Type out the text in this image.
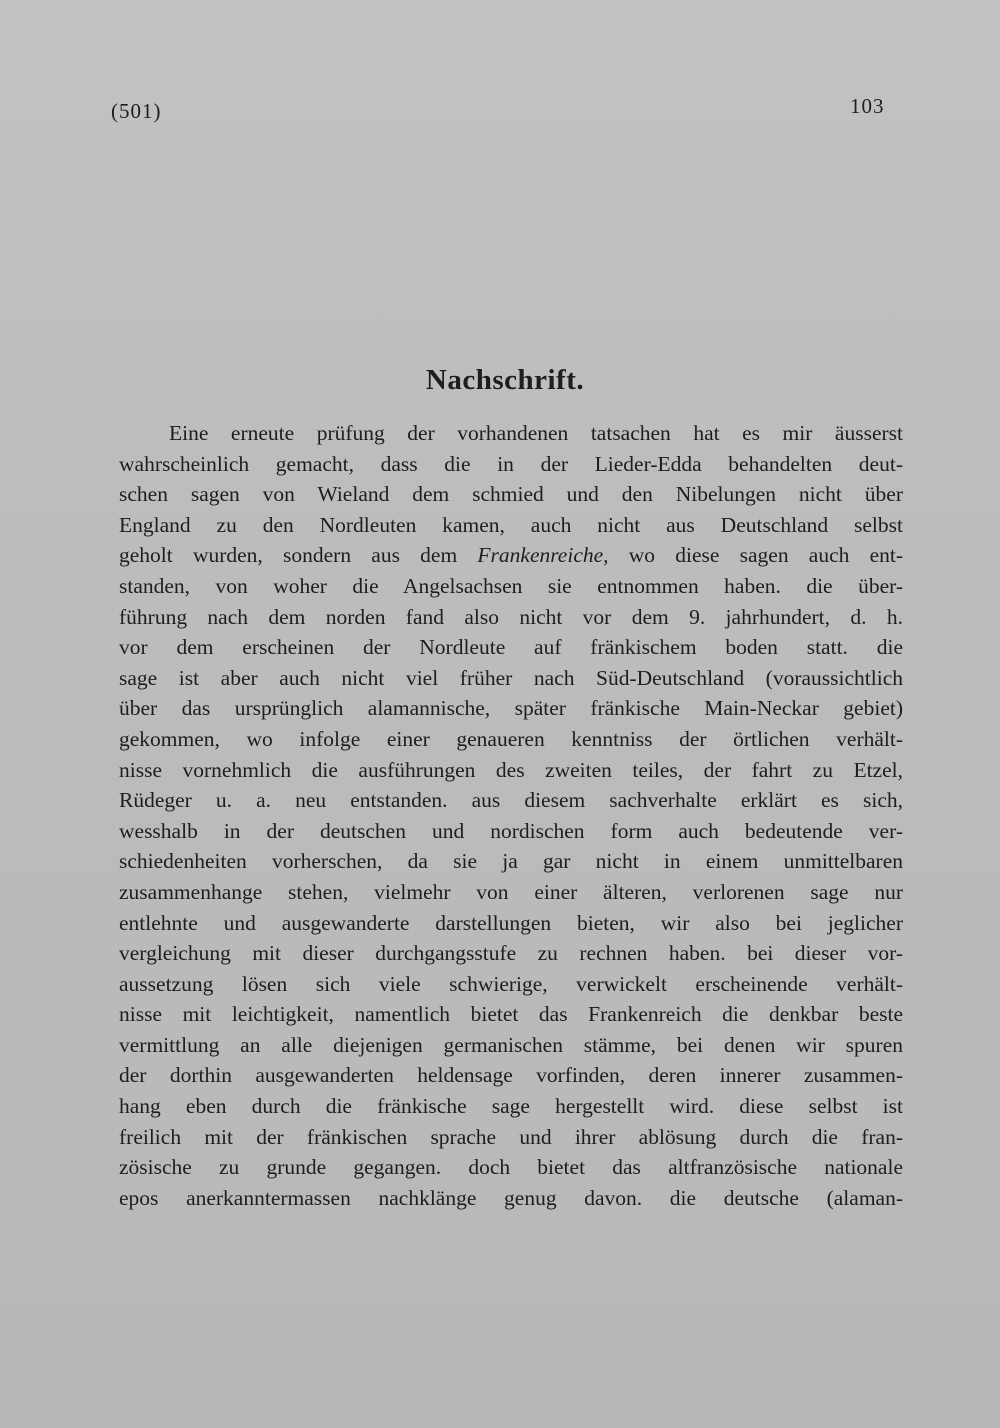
(501)	103
Nachschrift.
Eine erneute prüfung der vorhandenen tatsachen hat es mir äusserst
wahrscheinlich gemacht, dass die in der Lieder-Edda behandelten deut-
schen sagen von Wieland dem schmied und den Nibelungen nicht über
England zu den Nordleuten kamen, auch nicht aus Deutschland selbst
geholt wurden, sondern aus dem Frankenreiche, wo diese sagen auch ent-
standen, von woher die Angelsachsen sie entnommen haben. die über-
führung nach dem norden fand also nicht vor dem 9. jahrhundert, d. h.
vor dem erscheinen der Nordleute auf fränkischem boden statt. die
sage ist aber auch nicht viel früher nach Süd-Deutschland (voraussichtlich
über das ursprünglich alamannische, später fränkische Main-Neckar gebiet)
gekommen, wo infolge einer genaueren kenntniss der örtlichen verhält-
nisse vornehmlich die ausführungen des zweiten teiles, der fahrt zu Etzel,
Rüdeger u. a. neu entstanden. aus diesem sachverhalte erklärt es sich,
wesshalb in der deutschen und nordischen form auch bedeutende ver-
schiedenheiten vorherschen, da sie ja gar nicht in einem unmittelbaren
zusammenhange stehen, vielmehr von einer älteren, verlorenen sage nur
entlehnte und ausgewanderte darstellungen bieten, wir also bei jeglicher
vergleichung mit dieser durchgangsstufe zu rechnen haben. bei dieser vor-
aussetzung lösen sich viele schwierige, verwickelt erscheinende verhält-
nisse mit leichtigkeit, namentlich bietet das Frankenreich die denkbar beste
vermittlung an alle diejenigen germanischen stämme, bei denen wir spuren
der dorthin ausgewanderten heldensage vorfinden, deren innerer zusammen-
hang eben durch die fränkische sage hergestellt wird. diese selbst ist
freilich mit der fränkischen sprache und ihrer ablösung durch die fran-
zösische zu grunde gegangen. doch bietet das altfranzösische nationale
epos anerkanntermassen nachklänge genug davon. die deutsche (alaman-
